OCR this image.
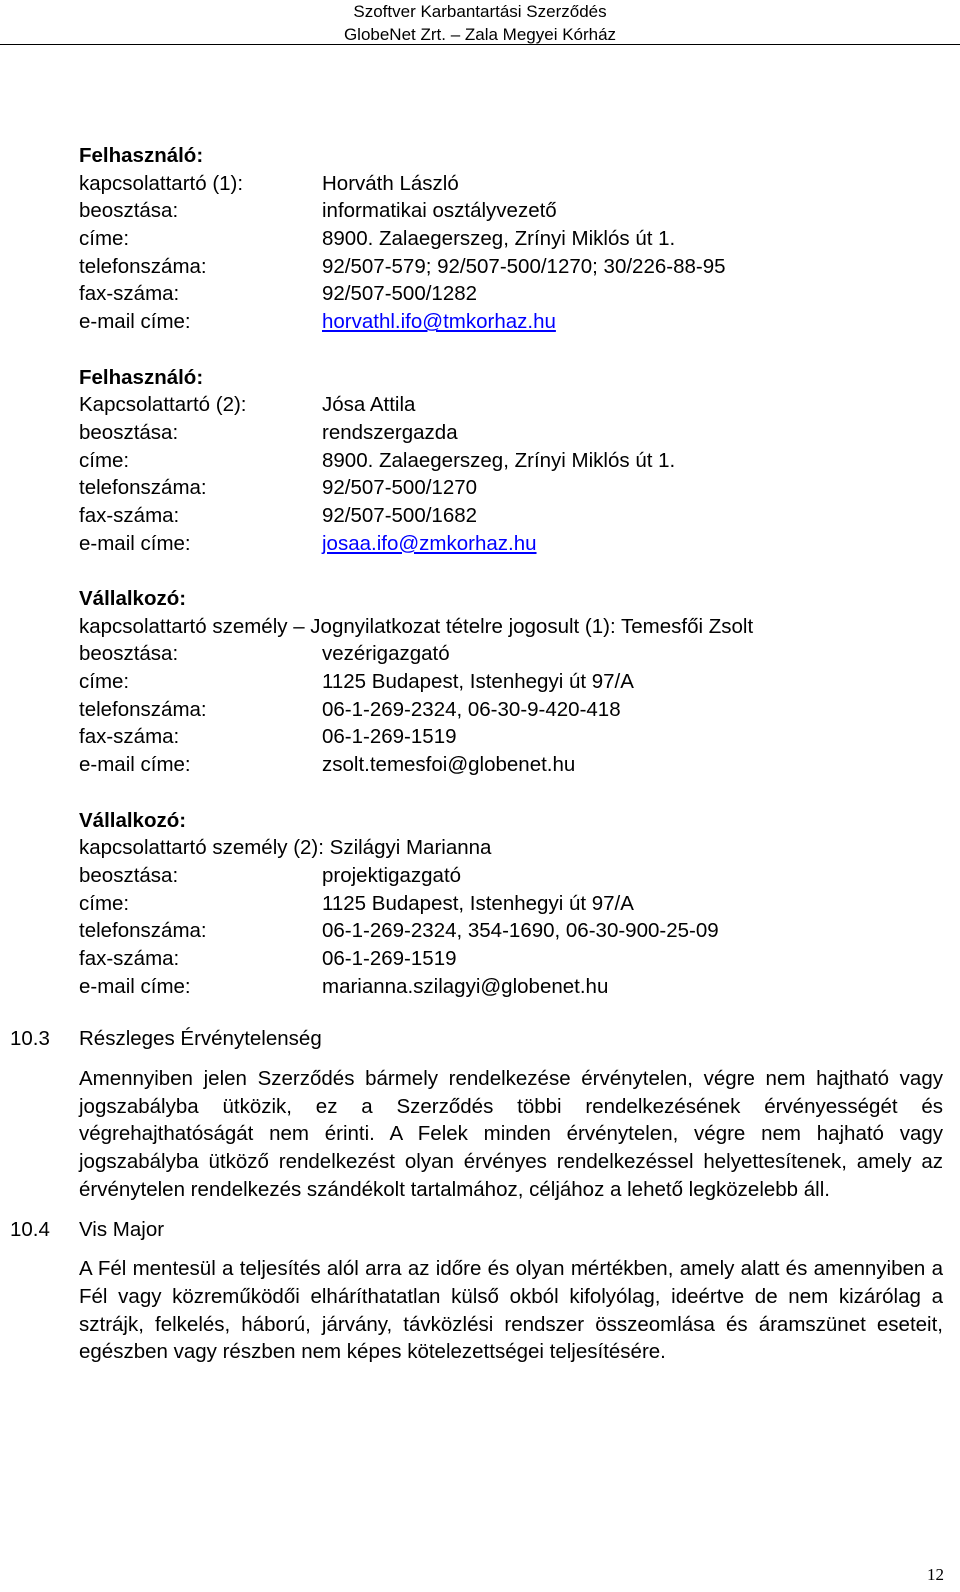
Szoftver Karbantartási Szerződés
GlobeNet Zrt. – Zala Megyei Kórház
Felhasználó:
kapcsolattartó (1):	Horváth László
beosztása:	informatikai osztályvezető
címe:	8900. Zalaegerszeg, Zrínyi Miklós út 1.
telefonszáma:	92/507-579; 92/507-500/1270; 30/226-88-95
fax-száma:	92/507-500/1282
e-mail címe:	horvathl.ifo@tmkorhaz.hu
Felhasználó:
Kapcsolattartó (2):	Jósa Attila
beosztása:	rendszergazda
címe:	8900. Zalaegerszeg, Zrínyi Miklós út 1.
telefonszáma:	92/507-500/1270
fax-száma:	92/507-500/1682
e-mail címe:	josaa.ifo@zmkorhaz.hu
Vállalkozó:
kapcsolattartó személy – Jognyilatkozat tételre jogosult (1): Temesfői Zsolt
beosztása:	vezérigazgató
címe:	1125 Budapest, Istenhegyi út 97/A
telefonszáma:	06-1-269-2324, 06-30-9-420-418
fax-száma:	06-1-269-1519
e-mail címe:	zsolt.temesfoi@globenet.hu
Vállalkozó:
kapcsolattartó személy (2): Szilágyi Marianna
beosztása:	projektigazgató
címe:	1125 Budapest, Istenhegyi út 97/A
telefonszáma:	06-1-269-2324, 354-1690, 06-30-900-25-09
fax-száma:	06-1-269-1519
e-mail címe:	marianna.szilagyi@globenet.hu
10.3 Részleges Érvénytelenség

Amennyiben jelen Szerződés bármely rendelkezése érvénytelen, végre nem hajtható vagy jogszabályba ütközik, ez a Szerződés többi rendelkezésének érvényességét és végrehajthatóságát nem érinti. A Felek minden érvénytelen, végre nem hajható vagy jogszabályba ütköző rendelkezést olyan érvényes rendelkezéssel helyettesítenek, amely az érvénytelen rendelkezés szándékolt tartalmához, céljához a lehető legközelebb áll.

10.4 Vis Major

A Fél mentesül a teljesítés alól arra az időre és olyan mértékben, amely alatt és amennyiben a Fél vagy közreműködői elháríthatatlan külső okból kifolyólag, ideértve de nem kizárólag a sztrájk, felkelés, háború, járvány, távközlési rendszer összeomlása és áramszünet eseteit, egészben vagy részben nem képes kötelezettségei teljesítésére.

12
